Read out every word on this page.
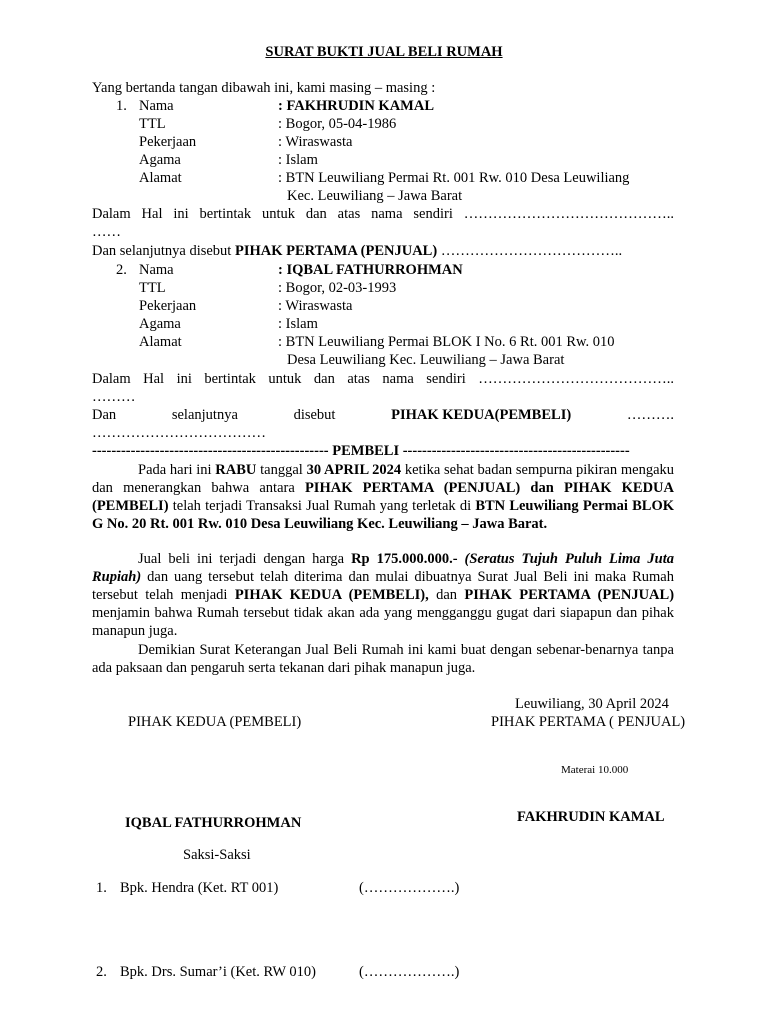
SURAT BUKTI JUAL BELI RUMAH
Yang bertanda tangan dibawah ini, kami masing – masing :
1. Nama	: FAKHRUDIN KAMAL
TTL	: Bogor, 05-04-1986
Pekerjaan	: Wiraswasta
Agama	: Islam
Alamat	: BTN Leuwiliang Permai Rt. 001 Rw. 010 Desa Leuwiliang
Kec. Leuwiliang – Jawa Barat
Dalam Hal ini bertintak untuk dan atas nama sendiri ……………………………………..
……
Dan selanjutnya disebut PIHAK PERTAMA (PENJUAL) ………………………………..
2. Nama	: IQBAL FATHURROHMAN
TTL	: Bogor, 02-03-1993
Pekerjaan	: Wiraswasta
Agama	: Islam
Alamat	: BTN Leuwiliang Permai BLOK I No. 6 Rt. 001 Rw. 010
Desa Leuwiliang Kec. Leuwiliang – Jawa Barat
Dalam Hal ini bertintak untuk dan atas nama sendiri …………………………………..
………
Dan	selanjutnya	disebut	PIHAK KEDUA(PEMBELI)	……….
………………………………
------------------------------------------------- PEMBELI -----------------------------------------------
Pada hari ini RABU tanggal 30 APRIL 2024 ketika sehat badan sempurna pikiran mengaku dan menerangkan bahwa antara PIHAK PERTAMA (PENJUAL) dan PIHAK KEDUA (PEMBELI) telah terjadi Transaksi Jual Rumah yang terletak di BTN Leuwiliang Permai BLOK G No. 20 Rt. 001 Rw. 010 Desa Leuwiliang Kec. Leuwiliang – Jawa Barat.
Jual beli ini terjadi dengan harga Rp 175.000.000.- (Seratus Tujuh Puluh Lima Juta Rupiah) dan uang tersebut telah diterima dan mulai dibuatnya Surat Jual Beli ini maka Rumah tersebut telah menjadi PIHAK KEDUA (PEMBELI), dan PIHAK PERTAMA (PENJUAL) menjamin bahwa Rumah tersebut tidak akan ada yang mengganggu gugat dari siapapun dan pihak manapun juga.
Demikian Surat Keterangan Jual Beli Rumah ini kami buat dengan sebenar-benarnya tanpa ada paksaan dan pengaruh serta tekanan dari pihak manapun juga.
Leuwiliang, 30 April 2024
PIHAK KEDUA (PEMBELI)	PIHAK PERTAMA ( PENJUAL)
Materai 10.000
IQBAL FATHURROHMAN	FAKHRUDIN KAMAL
Saksi-Saksi
1. Bpk. Hendra (Ket. RT 001)	(……………….)
2. Bpk. Drs. Sumar’i (Ket. RW 010)	(……………….)
